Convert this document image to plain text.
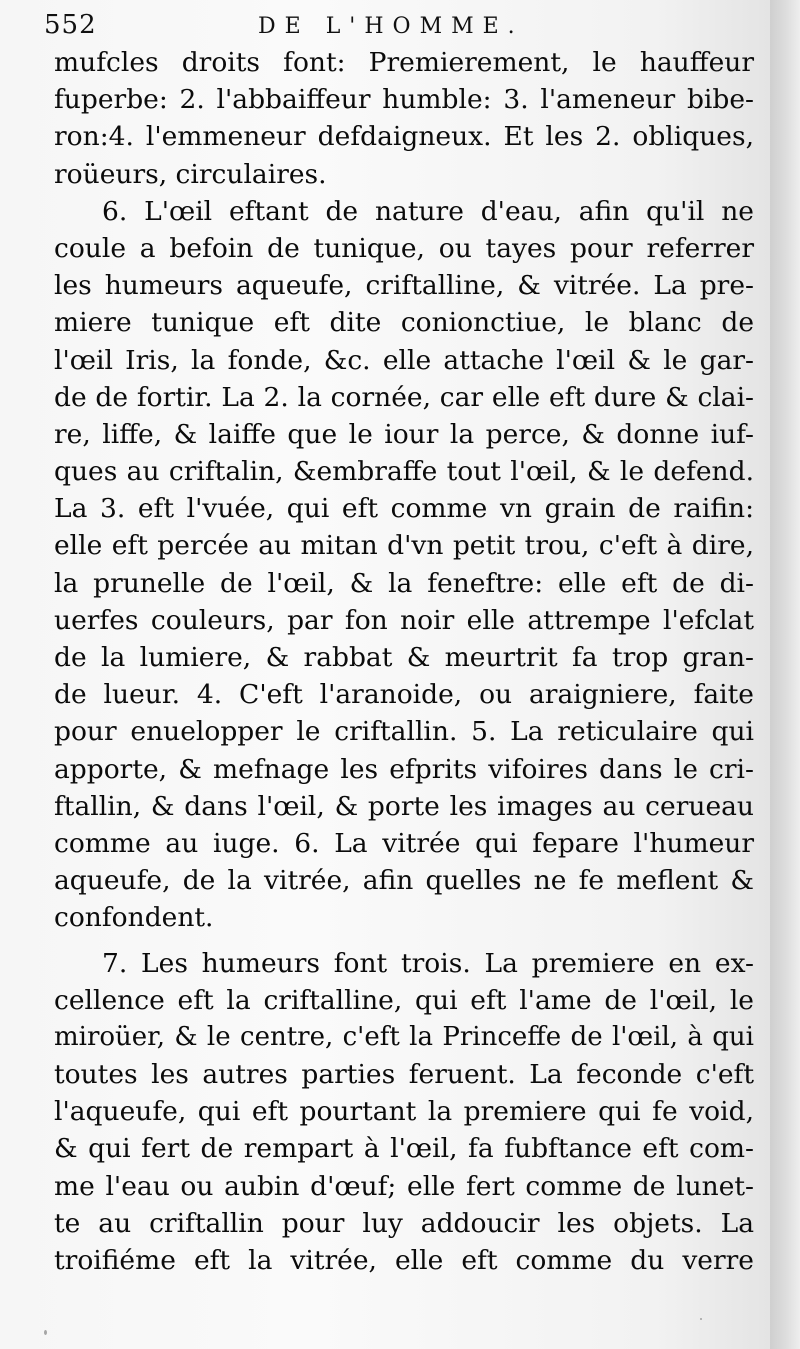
552	DE L'HOMME.
mufcles droits font: Premierement, le hauffeur
fuperbe: 2. l'abbaiffeur humble: 3. l'ameneur bibe-
ron:4. l'emmeneur defdaigneux. Et les 2. obliques,
roüeurs, circulaires.
6. L'œil eftant de nature d'eau, afin qu'il ne
coule a befoin de tunique, ou tayes pour referrer
les humeurs aqueufe, criftalline, & vitrée. La pre-
miere tunique eft dite conionctiue, le blanc de
l'œil Iris, la fonde, &c. elle attache l'œil & le gar-
de de fortir. La 2. la cornée, car elle eft dure & clai-
re, liffe, & laiffe que le iour la perce, & donne iuf-
ques au criftalin, &embraffe tout l'œil, & le defend.
La 3. eft l'vuée, qui eft comme vn grain de raifin:
elle eft percée au mitan d'vn petit trou, c'eft à dire,
la prunelle de l'œil, & la feneftre: elle eft de di-
uerfes couleurs, par fon noir elle attrempe l'efclat
de la lumiere, & rabbat & meurtrit fa trop gran-
de lueur. 4. C'eft l'aranoide, ou araigniere, faite
pour enuelopper le criftallin. 5. La reticulaire qui
apporte, & mefnage les efprits vifoires dans le cri-
ftallin, & dans l'œil, & porte les images au cerueau
comme au iuge. 6. La vitrée qui fepare l'humeur
aqueufe, de la vitrée, afin quelles ne fe meflent &
confondent.
7. Les humeurs font trois. La premiere en ex-
cellence eft la criftalline, qui eft l'ame de l'œil, le
miroüer, & le centre, c'eft la Princeffe de l'œil, à qui
toutes les autres parties feruent. La feconde c'eft
l'aqueufe, qui eft pourtant la premiere qui fe void,
& qui fert de rempart à l'œil, fa fubftance eft com-
me l'eau ou aubin d'œuf; elle fert comme de lunet-
te au criftallin pour luy addoucir les objets. La
troifiéme eft la vitrée, elle eft comme du verre
